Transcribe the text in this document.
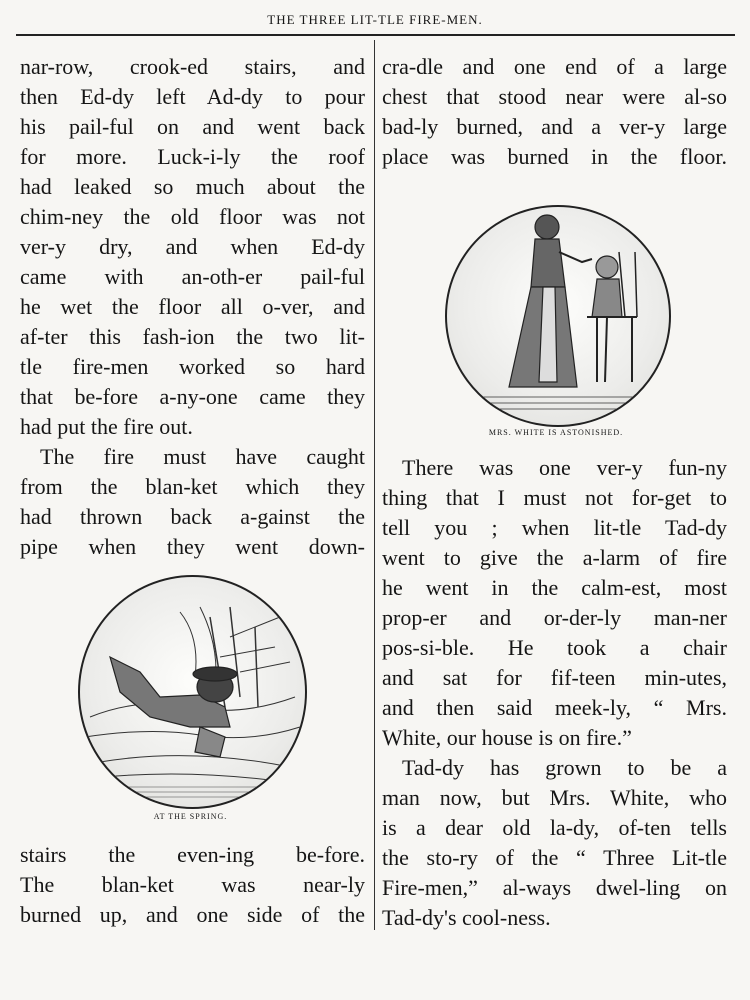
THE THREE LIT-TLE FIRE-MEN.
nar-row, crook-ed stairs, and
then Ed-dy left Ad-dy to pour
his pail-ful on and went back
for more. Luck-i-ly the roof
had leaked so much about the
chim-ney the old floor was not
ver-y dry, and when Ed-dy
came with an-oth-er pail-ful
he wet the floor all o-ver, and
af-ter this fash-ion the two lit-
tle fire-men worked so hard
that be-fore a-ny-one came they
had put the fire out.
The fire must have caught
from the blan-ket which they
had thrown back a-gainst the
pipe when they went down-
AT THE SPRING.
stairs the even-ing be-fore.
The blan-ket was near-ly
burned up, and one side of the
cra-dle and one end of a large
chest that stood near were al-so
bad-ly burned, and a ver-y large
place was burned in the floor.
MRS. WHITE IS ASTONISHED.
There was one ver-y fun-ny
thing that I must not for-get to
tell you ; when lit-tle Tad-dy
went to give the a-larm of fire
he went in the calm-est, most
prop-er and or-der-ly man-ner
pos-si-ble. He took a chair
and sat for fif-teen min-utes,
and then said meek-ly, “ Mrs.
White, our house is on fire.”
Tad-dy has grown to be a
man now, but Mrs. White, who
is a dear old la-dy, of-ten tells
the sto-ry of the “ Three Lit-tle
Fire-men,” al-ways dwel-ling on
Tad-dy's cool-ness.
